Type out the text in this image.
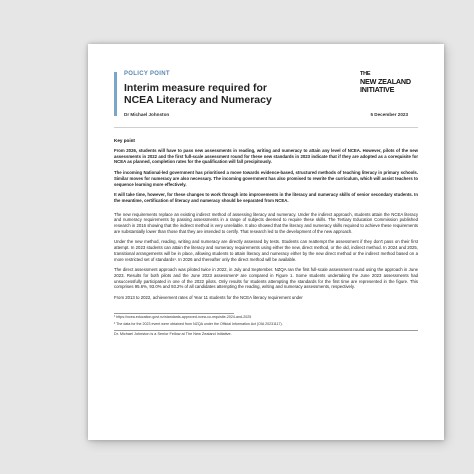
POLICY POINT
Interim measure required for NCEA Literacy and Numeracy
THE
NEW ZEALAND
INITIATIVE
Dr Michael Johnston	5 December 2023
Key point

From 2026, students will have to pass new assessments in reading, writing and numeracy to attain any level of NCEA. However, pilots of the new assessments in 2022 and the first full-scale assessment round for these new standards in 2023 indicate that if they are adopted as a corequisite for NCEA as planned, completion rates for the qualification will fall precipitously.

The incoming National-led government has prioritised a move towards evidence-based, structured methods of teaching literacy in primary schools. Similar moves for numeracy are also necessary. The incoming government has also promised to rewrite the curriculum, which will assist teachers to sequence learning more effectively.

It will take time, however, for these changes to work through into improvements in the literacy and numeracy skills of senior secondary students. In the meantime, certification of literacy and numeracy should be separated from NCEA.

The new requirements replace an existing indirect method of assessing literacy and numeracy. Under the indirect approach, students attain the NCEA literacy and numeracy requirements by passing assessments in a range of subjects deemed to require these skills. The Tertiary Education Commission published research in 2016 showing that the indirect method is very unreliable. It also showed that the literacy and numeracy skills required to achieve these requirements are substantially lower than those that they are intended to certify. That research led to the development of the new approach.

Under the new method, reading, writing and numeracy are directly assessed by tests. Students can reattempt the assessment if they don't pass on their first attempt. In 2023 students can attain the literacy and numeracy requirements using either the new, direct method, or the old, indirect method. In 2024 and 2025, transitional arrangements will be in place, allowing students to attain literacy and numeracy either by the new direct method or the indirect method based on a more restricted set of standards¹. In 2026 and thereafter only the direct method will be available.

The direct assessment approach was piloted twice in 2022, in July and September. NZQA ran the first full-scale assessment round using the approach in June 2023. Results for both pilots and the June 2023 assessment² are compared in Figure 1. Some students undertaking the June 2023 assessments had unsuccessfully participated in one of the 2022 pilots. Only results for students attempting the standards for the first time are represented in the figure. This comprises 95.6%, 93.0% and 93.2% of all candidates attempting the reading, writing and numeracy assessments, respectively.

From 2013 to 2022, achievement rates of Year 11 students for the NCEA literacy requirement under

¹ https://ncea.education.govt.nz/standards-approved-ncea-co-requisite-2024-and-2025
² The data for the 2023 event were obtained from NZQA under the Official Information Act (OIA 20231117).
Dr. Michael Johnston is a Senior Fellow at The New Zealand Initiative.
